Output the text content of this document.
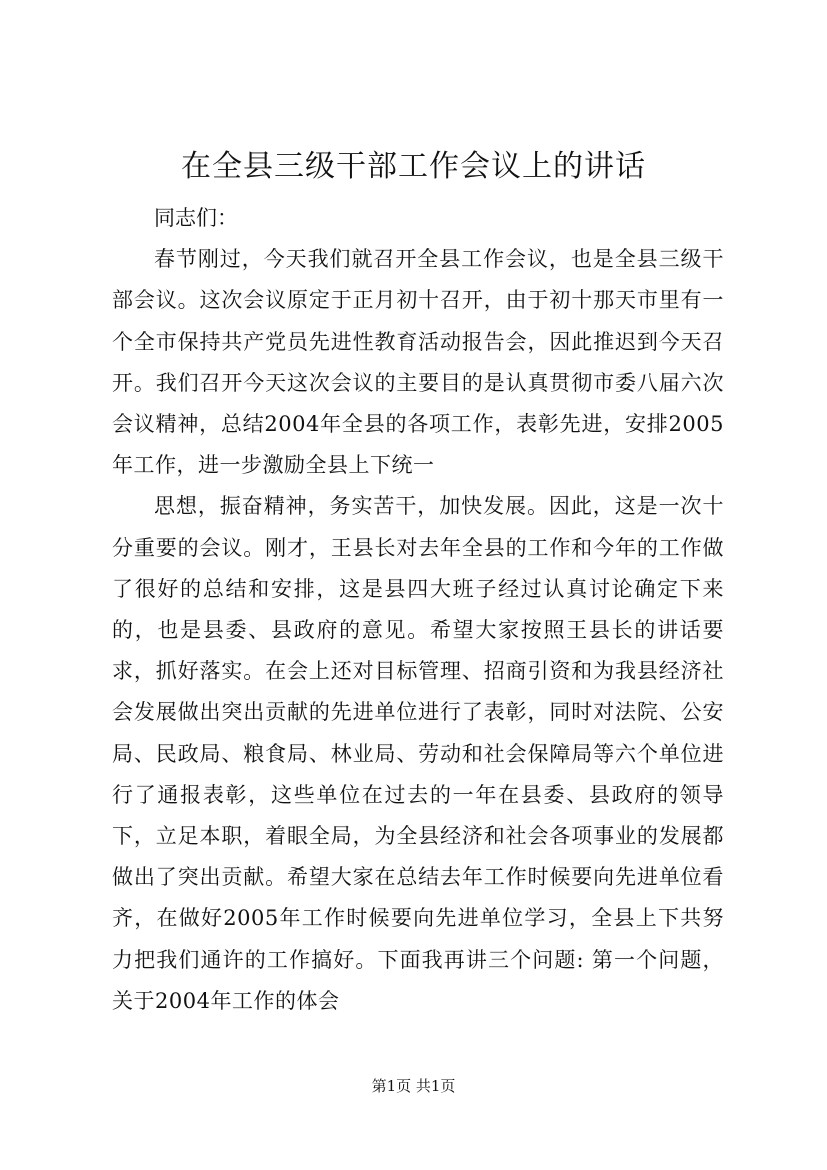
在全县三级干部工作会议上的讲话

同志们：

春节刚过，今天我们就召开全县工作会议，也是全县三级干部会议。这次会议原定于正月初十召开，由于初十那天市里有一个全市保持共产党员先进性教育活动报告会，因此推迟到今天召开。我们召开今天这次会议的主要目的是认真贯彻市委八届六次会议精神，总结2004年全县的各项工作，表彰先进，安排2005年工作，进一步激励全县上下统一

思想，振奋精神，务实苦干，加快发展。因此，这是一次十分重要的会议。刚才，王县长对去年全县的工作和今年的工作做了很好的总结和安排，这是县四大班子经过认真讨论确定下来的，也是县委、县政府的意见。希望大家按照王县长的讲话要求，抓好落实。在会上还对目标管理、招商引资和为我县经济社会发展做出突出贡献的先进单位进行了表彰，同时对法院、公安局、民政局、粮食局、林业局、劳动和社会保障局等六个单位进行了通报表彰，这些单位在过去的一年在县委、县政府的领导下，立足本职，着眼全局，为全县经济和社会各项事业的发展都做出了突出贡献。希望大家在总结去年工作时候要向先进单位看齐，在做好2005年工作时候要向先进单位学习，全县上下共努力把我们通许的工作搞好。下面我再讲三个问题: 第一个问题，关于2004年工作的体会

第1页 共1页
